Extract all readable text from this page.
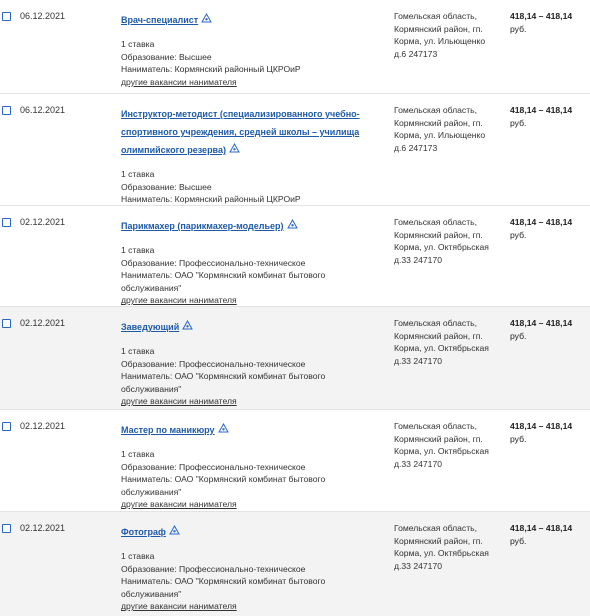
06.12.2021	Врач-специалист
1 ставка
Образование: Высшее
Наниматель: Кормянский районный ЦКРОиР
другие вакансии нанимателя
Гомельская область, Кормянский район, гп. Корма, ул. Ильющенко д.6 247173
418,14 – 418,14
руб.
06.12.2021	Инструктор-методист (специализированного учебно-спортивного учреждения, средней школы – училища олимпийского резерва)
1 ставка
Образование: Высшее
Наниматель: Кормянский районный ЦКРОиР
Гомельская область, Кормянский район, гп. Корма, ул. Ильющенко д.6 247173
418,14 – 418,14
руб.
02.12.2021	Парикмахер (парикмахер-модельер)
1 ставка
Образование: Профессионально-техническое
Наниматель: ОАО "Кормянский комбинат бытового обслуживания"
другие вакансии нанимателя
Гомельская область, Кормянский район, гп. Корма, ул. Октябрьская д.33 247170
418,14 – 418,14
руб.
02.12.2021	Заведующий
1 ставка
Образование: Профессионально-техническое
Наниматель: ОАО "Кормянский комбинат бытового обслуживания"
другие вакансии нанимателя
Гомельская область, Кормянский район, гп. Корма, ул. Октябрьская д.33 247170
418,14 – 418,14
руб.
02.12.2021	Мастер по маникюру
1 ставка
Образование: Профессионально-техническое
Наниматель: ОАО "Кормянский комбинат бытового обслуживания"
другие вакансии нанимателя
Гомельская область, Кормянский район, гп. Корма, ул. Октябрьская д.33 247170
418,14 – 418,14
руб.
02.12.2021	Фотограф
1 ставка
Образование: Профессионально-техническое
Наниматель: ОАО "Кормянский комбинат бытового обслуживания"
другие вакансии нанимателя
Гомельская область, Кормянский район, гп. Корма, ул. Октябрьская д.33 247170
418,14 – 418,14
руб.
